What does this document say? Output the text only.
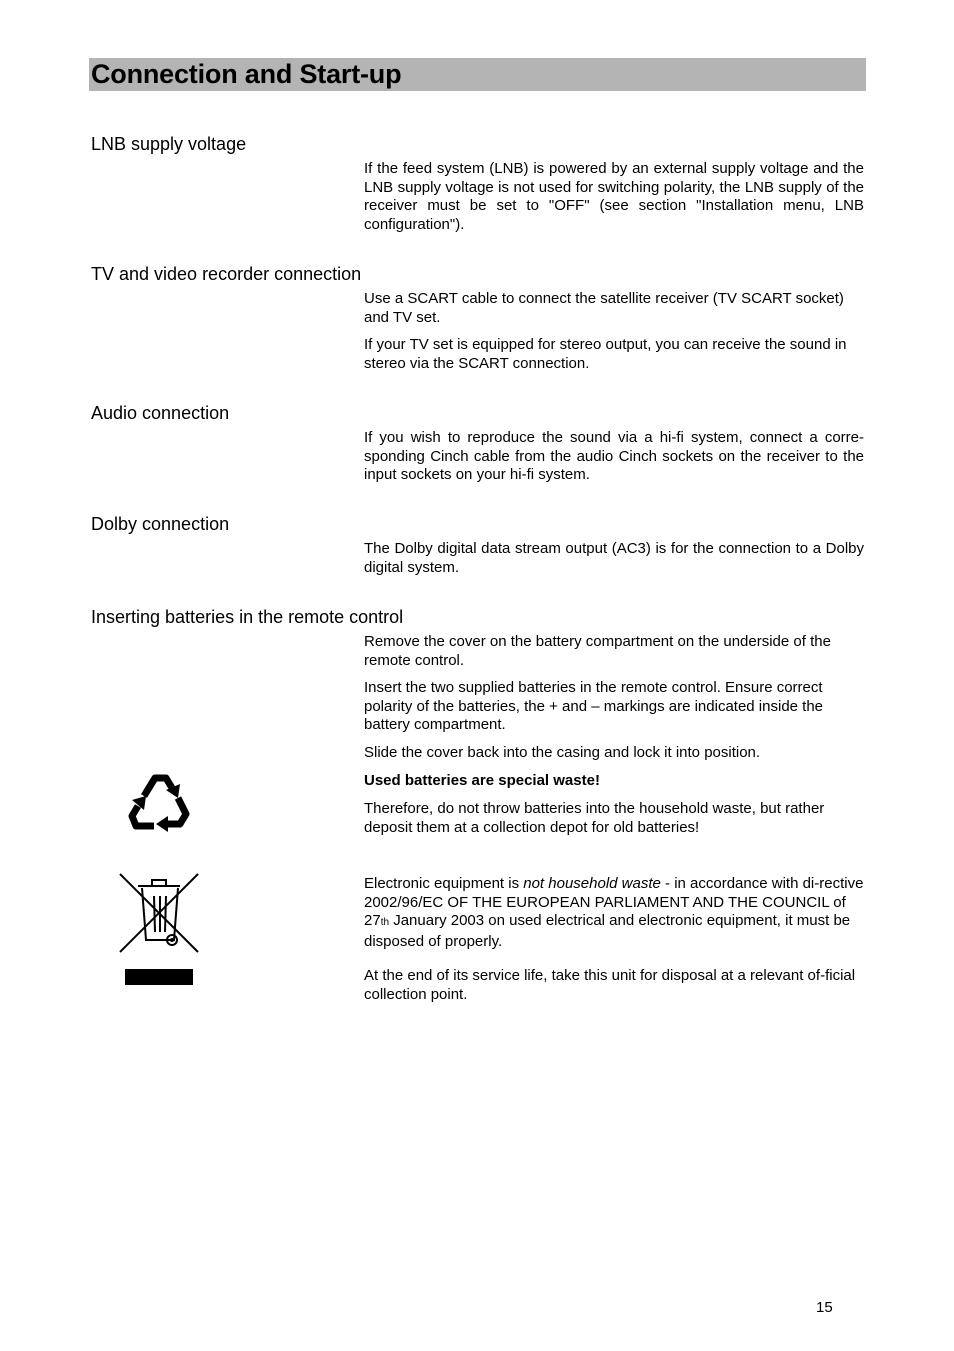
Connection and Start-up
LNB supply voltage

If the feed system (LNB) is powered by an external supply voltage and the LNB supply voltage is not used for switching polarity, the LNB supply of the receiver must be set to "OFF" (see section "Installation menu, LNB configuration").

TV and video recorder connection

Use a SCART cable to connect the satellite receiver (TV SCART socket) and TV set.

If your TV set is equipped for stereo output, you can receive the sound in stereo via the SCART connection.

Audio connection

If you wish to reproduce the sound via a hi-fi system, connect a corre-sponding Cinch cable from the audio Cinch sockets on the receiver to the input sockets on your hi-fi system.

Dolby connection

The Dolby digital data stream output (AC3) is for the connection to a Dolby digital system.

Inserting batteries in the remote control

Remove the cover on the battery compartment on the underside of the remote control.

Insert the two supplied batteries in the remote control. Ensure correct polarity of the batteries, the + and – markings are indicated inside the battery compartment.

Slide the cover back into the casing and lock it into position.

Used batteries are special waste!

Therefore, do not throw batteries into the household waste, but rather deposit them at a collection depot for old batteries!

Electronic equipment is not household waste - in accordance with di-rective 2002/96/EC OF THE EUROPEAN PARLIAMENT AND THE COUNCIL of 27th January 2003 on used electrical and electronic equipment, it must be disposed of properly.

At the end of its service life, take this unit for disposal at a relevant of-ficial collection point.

15
